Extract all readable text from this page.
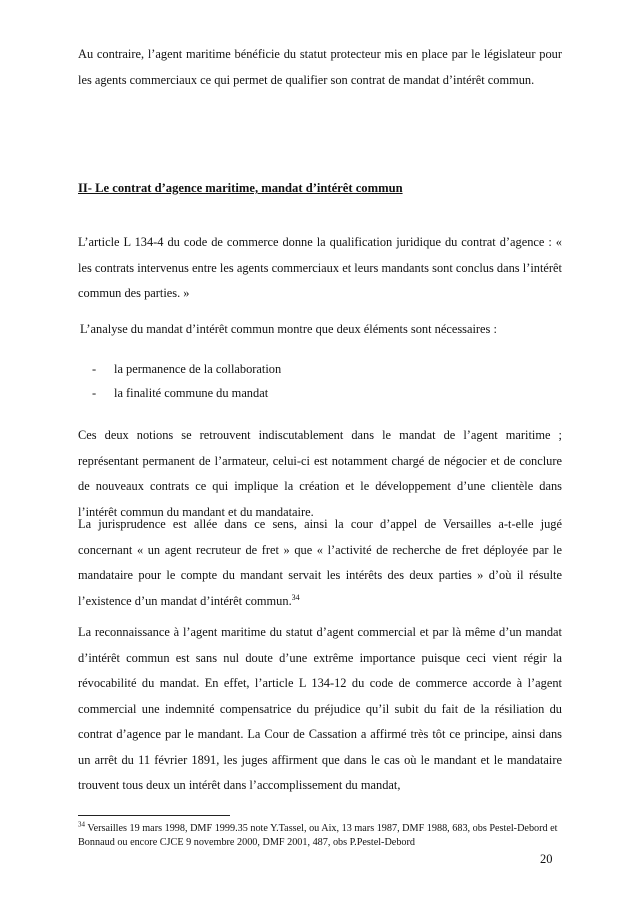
Au contraire, l’agent maritime bénéficie du statut protecteur mis en place par le législateur pour les agents commerciaux ce qui permet de qualifier son contrat de mandat d’intérêt commun.

II- Le contrat d’agence maritime, mandat d’intérêt commun

L’article L 134-4 du code de commerce donne la qualification juridique du contrat d’agence : « les contrats intervenus entre les agents commerciaux et leurs mandants sont conclus dans l’intérêt commun des parties. »

L’analyse du mandat d’intérêt commun montre que deux éléments sont nécessaires :

- la permanence de la collaboration
- la finalité commune du mandat

Ces deux notions se retrouvent indiscutablement dans le mandat de l’agent maritime ; représentant permanent de l’armateur, celui-ci est notamment chargé de négocier et de conclure de nouveaux contrats ce qui implique la création et le développement d’une clientèle dans l’intérêt commun du mandant et du mandataire.

La jurisprudence est allée dans ce sens, ainsi la cour d’appel de Versailles a-t-elle jugé concernant « un agent recruteur de fret » que « l’activité de recherche de fret déployée par le mandataire pour le compte du mandant servait les intérêts des deux parties » d’où il résulte l’existence d’un mandat d’intérêt commun.$^{34}$

La reconnaissance à l’agent maritime du statut d’agent commercial et par là même d’un mandat d’intérêt commun est sans nul doute d’une extrême importance puisque ceci vient régir la révocabilité du mandat. En effet, l’article L 134-12 du code de commerce accorde à l’agent commercial une indemnité compensatrice du préjudice qu’il subit du fait de la résiliation du contrat d’agence par le mandant. La Cour de Cassation a affirmé très tôt ce principe, ainsi dans un arrêt du 11 février 1891, les juges affirment que dans le cas où le mandant et le mandataire trouvent tous deux un intérêt dans l’accomplissement du mandat,

$^{34}$ Versailles 19 mars 1998, DMF 1999.35 note Y.Tassel, ou Aix, 13 mars 1987, DMF 1988, 683, obs Pestel-Debord et Bonnaud ou encore CJCE 9 novembre 2000, DMF 2001, 487, obs P.Pestel-Debord

20
